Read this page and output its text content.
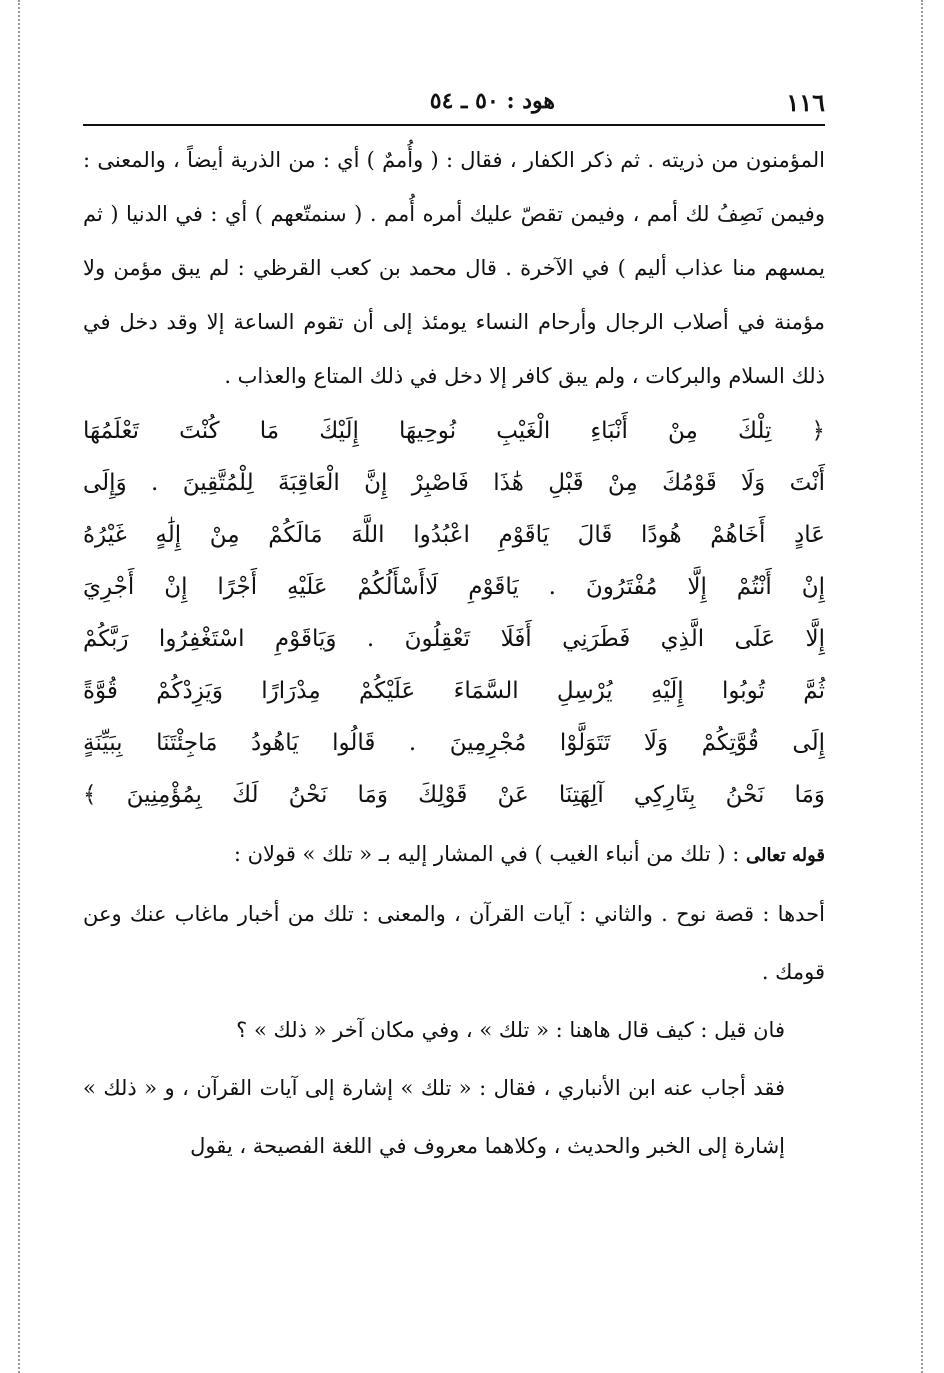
١١٦
هود : ٥٠ ـ ٥٤

المؤمنون من ذريته . ثم ذكر الكفار ، فقال : ( وأُممٌ ) أي : من الذرية أيضاً ، والمعنى : وفيمن نَصِفُ لك أمم ، وفيمن تقصّ عليك أمره أُمم . ( سنمتّعهم ) أي : في الدنيا ( ثم يمسهم منا عذاب أليم ) في الآخرة . قال محمد بن كعب القرظي : لم يبق مؤمن ولا مؤمنة في أصلاب الرجال وأرحام النساء يومئذ إلى أن تقوم الساعة إلا وقد دخل في ذلك السلام والبركات ، ولم يبق كافر إلا دخل في ذلك المتاع والعذاب .

﴿ تِلْكَ مِنْ أَنْبَاءِ الْغَيْبِ نُوحِيهَا إِلَيْكَ مَا كُنْتَ تَعْلَمُهَا
أَنْتَ وَلَا قَوْمُكَ مِنْ قَبْلِ هَٰذَا فَاصْبِرْ إِنَّ الْعَاقِبَةَ لِلْمُتَّقِينَ . وَإِلَى
عَادٍ أَخَاهُمْ هُودًا قَالَ يَاقَوْمِ اعْبُدُوا اللَّهَ مَالَكُمْ مِنْ إِلَٰهٍ غَيْرُهُ
إِنْ أَنْتُمْ إِلَّا مُفْتَرُونَ . يَاقَوْمِ لَاأَسْأَلُكُمْ عَلَيْهِ أَجْرًا إِنْ أَجْرِيَ
إِلَّا عَلَى الَّذِي فَطَرَنِي أَفَلَا تَعْقِلُونَ . وَيَاقَوْمِ اسْتَغْفِرُوا رَبَّكُمْ
ثُمَّ تُوبُوا إِلَيْهِ يُرْسِلِ السَّمَاءَ عَلَيْكُمْ مِدْرَارًا وَيَزِدْكُمْ قُوَّةً
إِلَى قُوَّتِكُمْ وَلَا تَتَوَلَّوْا مُجْرِمِينَ . قَالُوا يَاهُودُ مَاجِئْتَنَا بِبَيِّنَةٍ
وَمَا نَحْنُ بِتَارِكِي آلِهَتِنَا عَنْ قَوْلِكَ وَمَا نَحْنُ لَكَ بِمُؤْمِنِينَ ﴾

قوله تعالى : ( تلك من أنباء الغيب ) في المشار إليه بـ « تلك » قولان :

أحدها : قصة نوح . والثاني : آيات القرآن ، والمعنى : تلك من أخبار ماغاب عنك وعن قومك .

فان قيل : كيف قال هاهنا : « تلك » ، وفي مكان آخر « ذلك » ؟

فقد أجاب عنه ابن الأنباري ، فقال : « تلك » إشارة إلى آيات القرآن ، و « ذلك » إشارة إلى الخبر والحديث ، وكلاهما معروف في اللغة الفصيحة ، يقول
